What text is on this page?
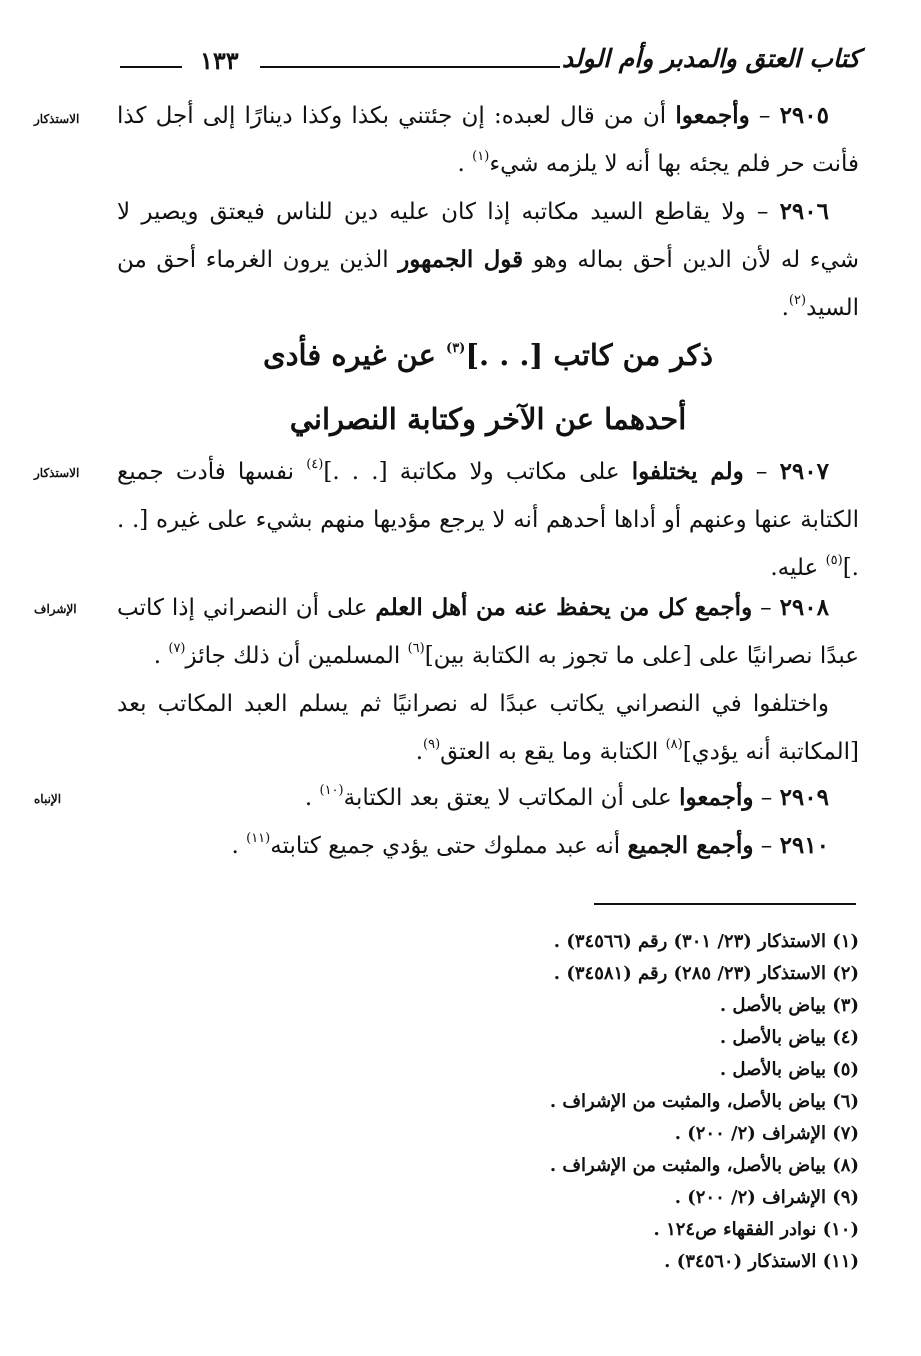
كتاب العتق والمدبر وأم الولد
١٣٣
الاستذكار
الاستذكار
الإشراف
الإنباه

٢٩٠٥ – وأجمعوا أن من قال لعبده: إن جئتني بكذا وكذا دينارًا إلى أجل كذا فأنت حر فلم يجئه بها أنه لا يلزمه شيء$^{(١)}$ .

٢٩٠٦ – ولا يقاطع السيد مكاتبه إذا كان عليه دين للناس فيعتق ويصير لا شيء له لأن الدين أحق بماله وهو قول الجمهور الذين يرون الغرماء أحق من السيد$^{(٢)}$.

ذكر من كاتب [. . .]$^{(٣)}$ عن غيره فأدى
أحدهما عن الآخر وكتابة النصراني

٢٩٠٧ – ولم يختلفوا على مكاتب ولا مكاتبة [. . .]$^{(٤)}$ نفسها فأدت جميع الكتابة عنها وعنهم أو أداها أحدهم أنه لا يرجع مؤديها منهم بشيء على غيره [. . .]$^{(٥)}$ عليه.

٢٩٠٨ – وأجمع كل من يحفظ عنه من أهل العلم على أن النصراني إذا كاتب عبدًا نصرانيًا على [على ما تجوز به الكتابة بين]$^{(٦)}$ المسلمين أن ذلك جائز$^{(٧)}$ .

واختلفوا في النصراني يكاتب عبدًا له نصرانيًا ثم يسلم العبد المكاتب بعد [المكاتبة أنه يؤدي]$^{(٨)}$ الكتابة وما يقع به العتق$^{(٩)}$.

٢٩٠٩ – وأجمعوا على أن المكاتب لا يعتق بعد الكتابة$^{(١٠)}$ .

٢٩١٠ – وأجمع الجميع أنه عبد مملوك حتى يؤدي جميع كتابته$^{(١١)}$ .

(١) الاستذكار (٢٣/ ٣٠١) رقم (٣٤٥٦٦) .
(٢) الاستذكار (٢٣/ ٢٨٥) رقم (٣٤٥٨١) .
(٣) بياض بالأصل .
(٤) بياض بالأصل .
(٥) بياض بالأصل .
(٦) بياض بالأصل، والمثبت من الإشراف .
(٧) الإشراف (٢/ ٢٠٠) .
(٨) بياض بالأصل، والمثبت من الإشراف .
(٩) الإشراف (٢/ ٢٠٠) .
(١٠) نوادر الفقهاء ص١٢٤ .
(١١) الاستذكار (٣٤٥٦٠) .
